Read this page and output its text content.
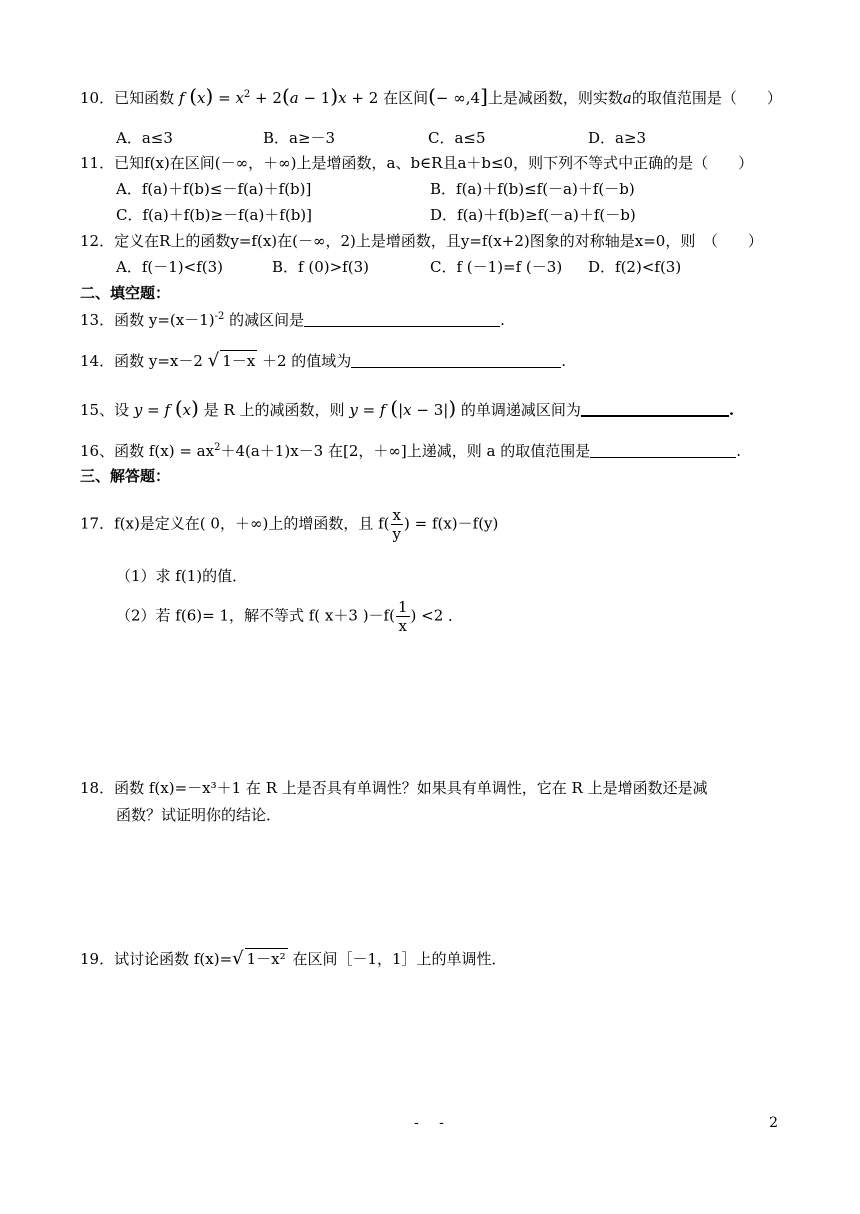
10．已知函数 f $(x) = x^2 + 2(a - 1)x + 2$ 在区间(− ∞,4]上是减函数，则实数a的取值范围是（　　）
A．a≤3	B．a≥－3	C．a≤5	D．a≥3
11．已知f(x)在区间(－∞，＋∞)上是增函数，a、b∈R且a＋b≤0，则下列不等式中正确的是（　　）
A．f(a)＋f(b)≤－f(a)＋f(b)]	B．f(a)＋f(b)≤f(－a)＋f(－b)
C．f(a)＋f(b)≥－f(a)＋f(b)]	D．f(a)＋f(b)≥f(－a)＋f(－b)
12．定义在R上的函数y=f(x)在(－∞，2)上是增函数，且y=f(x+2)图象的对称轴是x=0，则　（　　）
A．f(－1)<f(3)	B．f (0)>f(3)	C．f (－1)=f (－3) D．f(2)<f(3)
二、填空题：
13．函数 $y=(x-1)^{-2}$ 的减区间是	.
14．函数 y=x－2 √ 1－x ＋2 的值域为	.
15、设 y = f (x) 是 R 上的减函数，则 y = f (|x − 3|) 的单调递减区间为	.
16、函数 $f(x) = ax^2+4(a+1)x-3$ 在[2，＋∞]上递减，则 a 的取值范围是	.
三、解答题：
17．f(x)是定义在( 0，＋∞)上的增函数，且 $f( \frac{x}{y}$ ) = f(x)－f(y)
（1）求 f(1)的值．
（2）若 f(6)= 1，解不等式 f( x＋3 )$-f( \frac{1}{x}$ ) <2 ．
18．函数 f(x)=－x³＋1 在 R 上是否具有单调性？如果具有单调性，它在 R 上是增函数还是减
函数？试证明你的结论．
19．试讨论函数 f(x)=√ 1－x² 在区间［－1，1］上的单调性．
- -	2
